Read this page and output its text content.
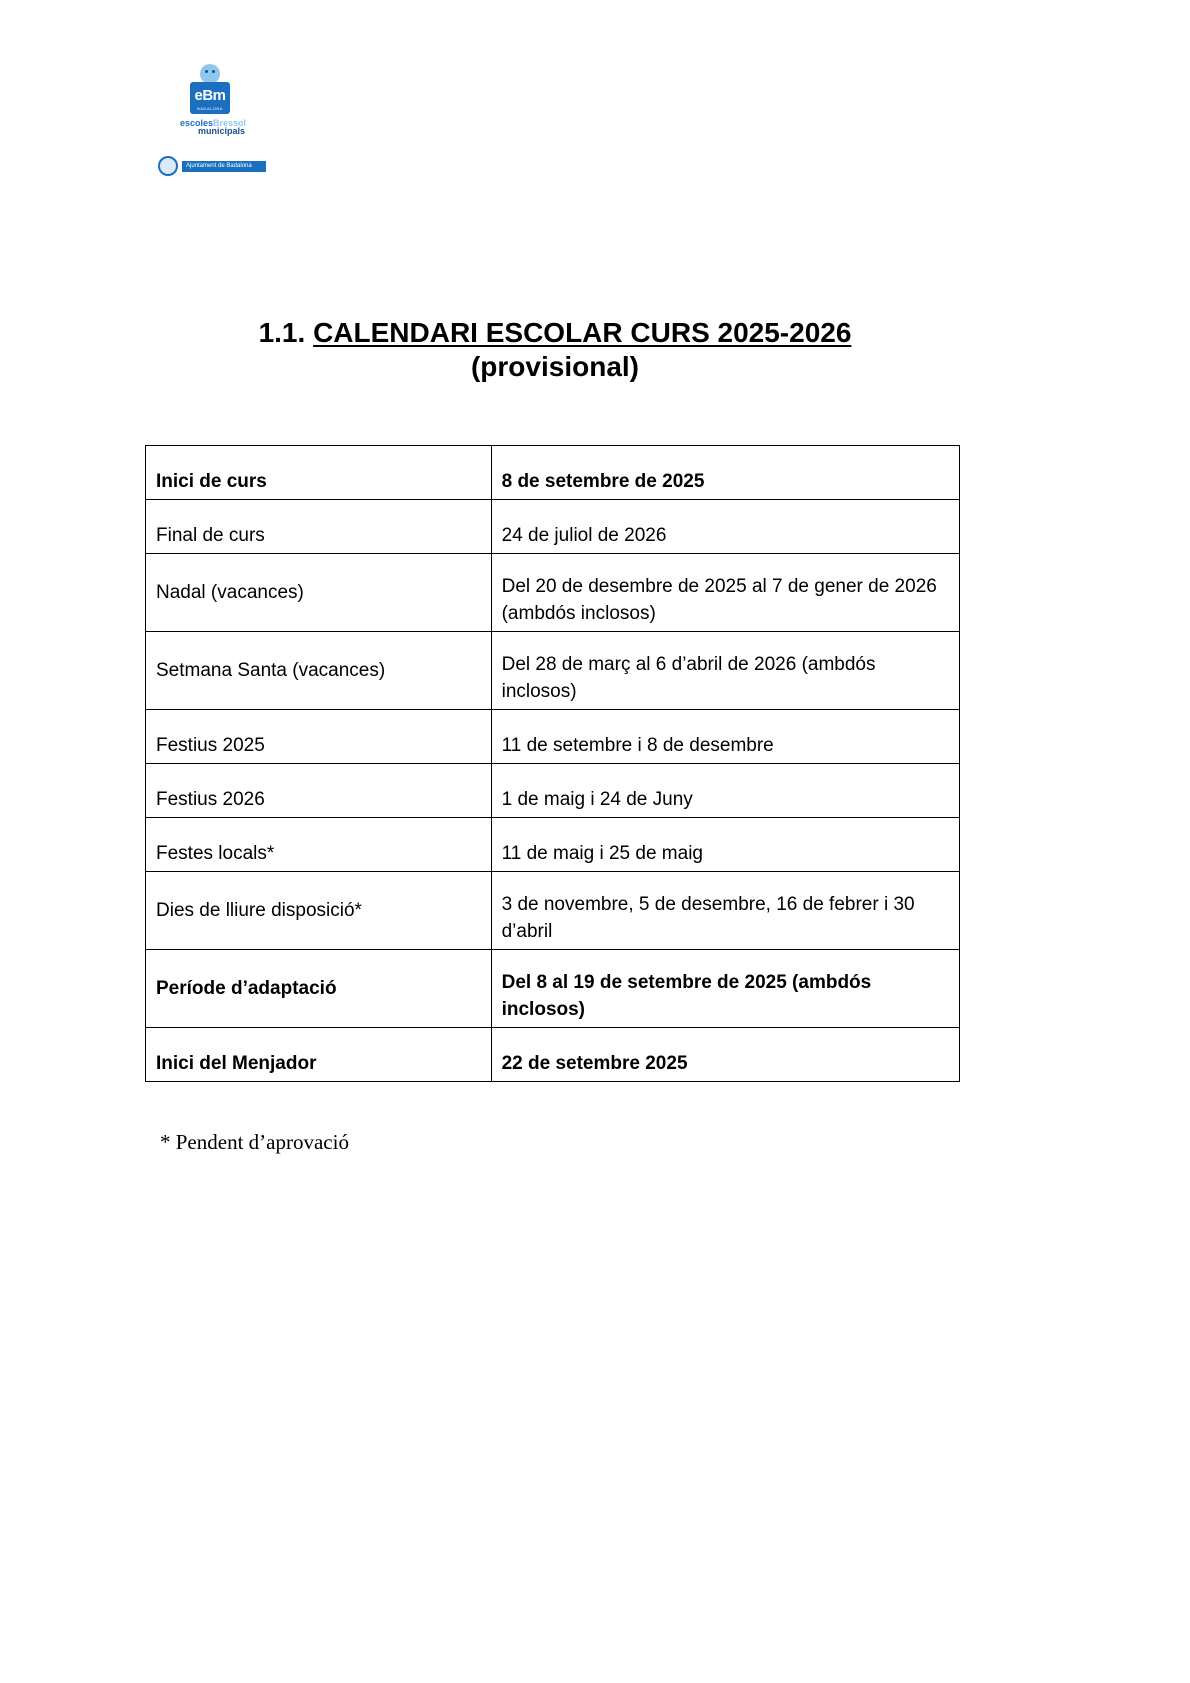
eBm
BADALONA
escolesBressol
municipals
Ajuntament de Badalona
1.1. CALENDARI ESCOLAR CURS 2025-2026
(provisional)
Inici de curs	8 de setembre de 2025
Final de curs	24 de juliol de 2026
Nadal (vacances)	Del 20 de desembre de 2025 al 7 de gener de 2026 (ambdós inclosos)
Setmana Santa (vacances)	Del 28 de març al 6 d’abril de 2026 (ambdós inclosos)
Festius 2025	11 de setembre i 8 de desembre
Festius 2026	1 de maig i 24 de Juny
Festes locals*	11 de maig i 25 de maig
Dies de lliure disposició*	3 de novembre, 5 de desembre, 16 de febrer i 30 d’abril
Període d’adaptació	Del 8 al 19 de setembre de 2025 (ambdós inclosos)
Inici del Menjador	22 de setembre 2025
* Pendent d’aprovació
